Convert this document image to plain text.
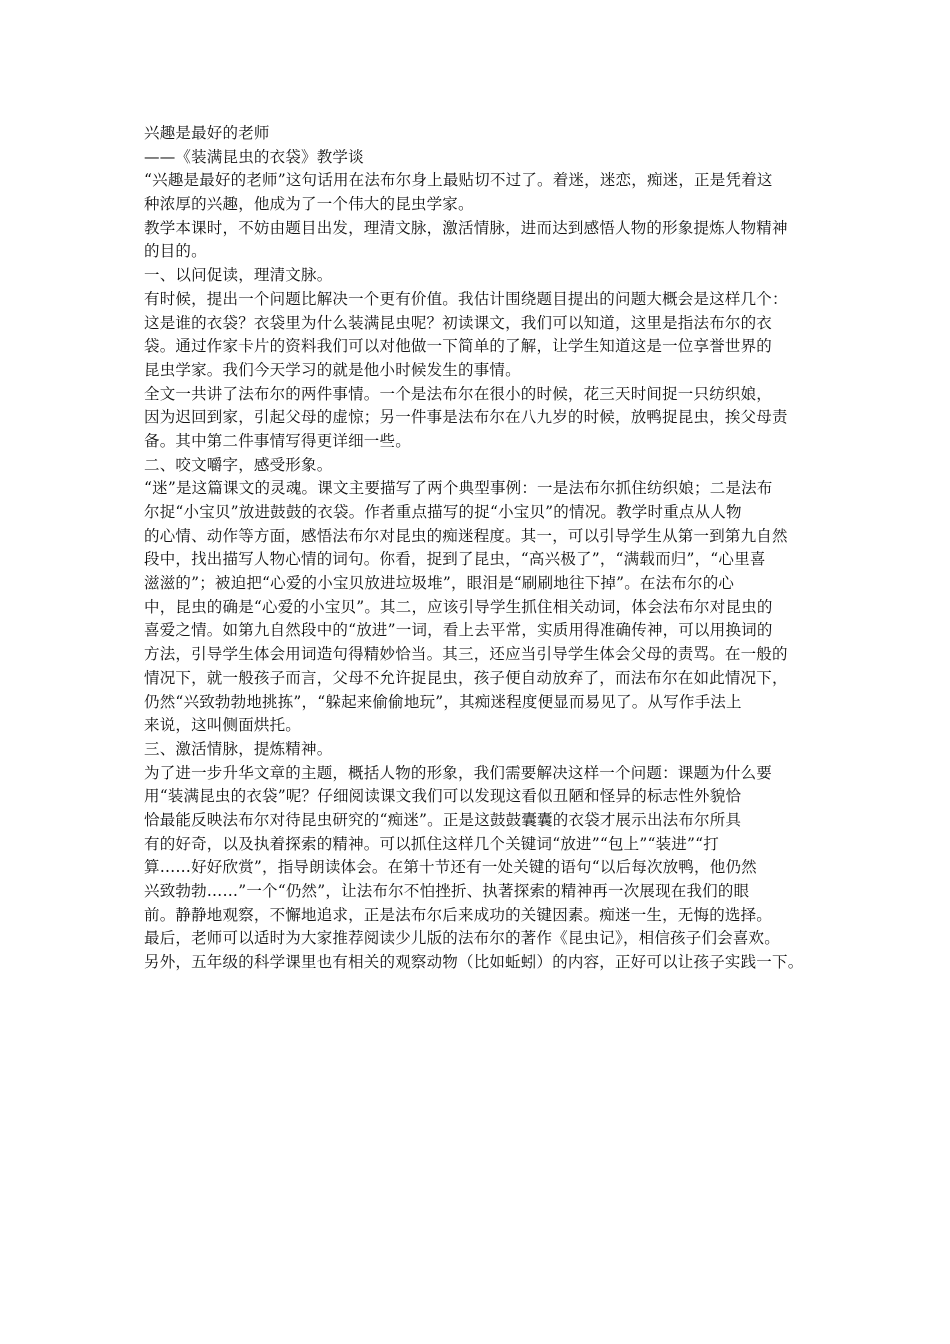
兴趣是最好的老师
——《装满昆虫的衣袋》教学谈
“兴趣是最好的老师”这句话用在法布尔身上最贴切不过了。着迷，迷恋，痴迷，正是凭着这
种浓厚的兴趣，他成为了一个伟大的昆虫学家。
教学本课时，不妨由题目出发，理清文脉，激活情脉，进而达到感悟人物的形象提炼人物精神
的目的。
一、以问促读，理清文脉。
有时候，提出一个问题比解决一个更有价值。我估计围绕题目提出的问题大概会是这样几个：
这是谁的衣袋？衣袋里为什么装满昆虫呢？初读课文，我们可以知道，这里是指法布尔的衣
袋。通过作家卡片的资料我们可以对他做一下简单的了解，让学生知道这是一位享誉世界的
昆虫学家。我们今天学习的就是他小时候发生的事情。
全文一共讲了法布尔的两件事情。一个是法布尔在很小的时候，花三天时间捉一只纺织娘，
因为迟回到家，引起父母的虚惊；另一件事是法布尔在八九岁的时候，放鸭捉昆虫，挨父母责
备。其中第二件事情写得更详细一些。
二、咬文嚼字，感受形象。
“迷”是这篇课文的灵魂。课文主要描写了两个典型事例：一是法布尔抓住纺织娘；二是法布
尔捉“小宝贝”放进鼓鼓的衣袋。作者重点描写的捉“小宝贝”的情况。教学时重点从人物
的心情、动作等方面，感悟法布尔对昆虫的痴迷程度。其一，可以引导学生从第一到第九自然
段中，找出描写人物心情的词句。你看，捉到了昆虫，“高兴极了”，“满载而归”，“心里喜
滋滋的”；被迫把“心爱的小宝贝放进垃圾堆”，眼泪是“刷刷地往下掉”。在法布尔的心
中，昆虫的确是“心爱的小宝贝”。其二，应该引导学生抓住相关动词，体会法布尔对昆虫的
喜爱之情。如第九自然段中的“放进”一词，看上去平常，实质用得准确传神，可以用换词的
方法，引导学生体会用词造句得精妙恰当。其三，还应当引导学生体会父母的责骂。在一般的
情况下，就一般孩子而言，父母不允许捉昆虫，孩子便自动放弃了，而法布尔在如此情况下，
仍然“兴致勃勃地挑拣”，“躲起来偷偷地玩”，其痴迷程度便显而易见了。从写作手法上
来说，这叫侧面烘托。
三、激活情脉，提炼精神。
为了进一步升华文章的主题，概括人物的形象，我们需要解决这样一个问题：课题为什么要
用“装满昆虫的衣袋”呢？仔细阅读课文我们可以发现这看似丑陋和怪异的标志性外貌恰
恰最能反映法布尔对待昆虫研究的“痴迷”。正是这鼓鼓囊囊的衣袋才展示出法布尔所具
有的好奇，以及执着探索的精神。可以抓住这样几个关键词“放进”“包上”“装进”“打
算……好好欣赏”，指导朗读体会。在第十节还有一处关键的语句“以后每次放鸭，他仍然
兴致勃勃……”一个“仍然”，让法布尔不怕挫折、执著探索的精神再一次展现在我们的眼
前。静静地观察，不懈地追求，正是法布尔后来成功的关键因素。痴迷一生，无悔的选择。
最后，老师可以适时为大家推荐阅读少儿版的法布尔的著作《昆虫记》，相信孩子们会喜欢。
另外，五年级的科学课里也有相关的观察动物（比如蚯蚓）的内容，正好可以让孩子实践一下。
